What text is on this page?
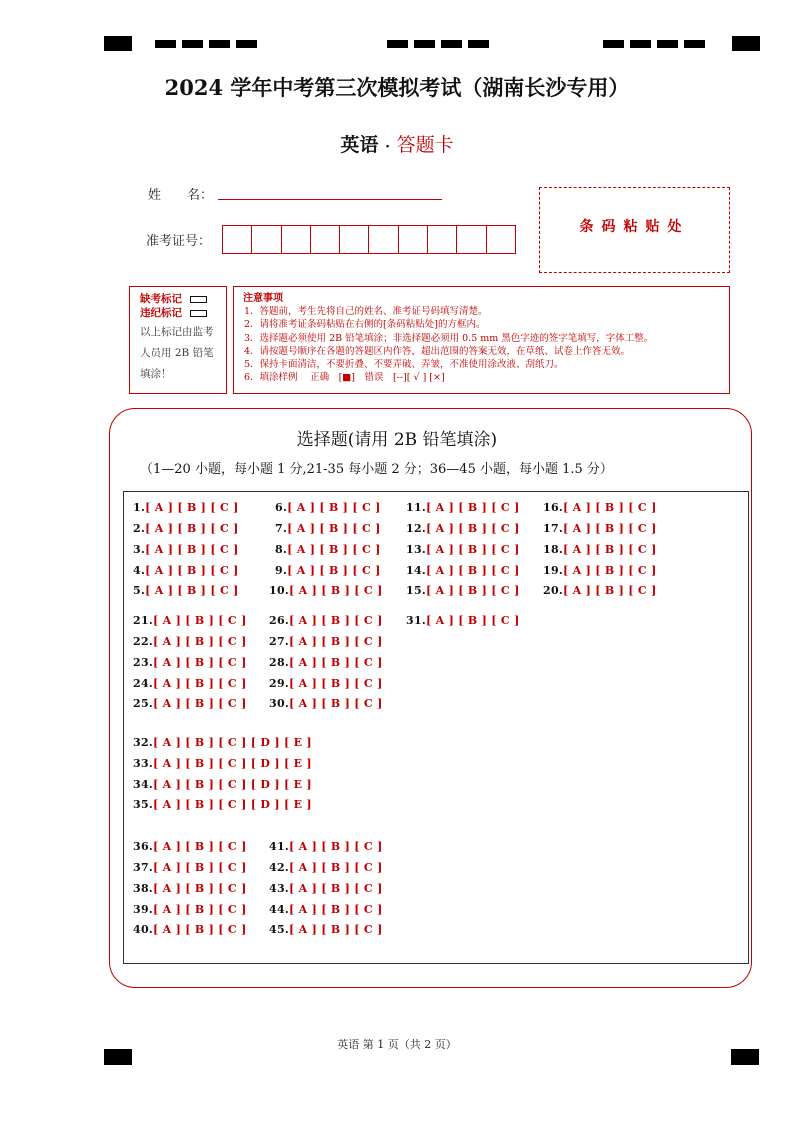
2024 学年中考第三次模拟考试（湖南长沙专用）
英语 · 答题卡
姓　　名：
准考证号：
条码粘贴处
缺考标记
违纪标记
以上标记由监考
人员用 2B 铅笔
填涂！
注意事项
1．答题前，考生先将自己的姓名、准考证号码填写清楚。
2．请将准考证条码粘贴在右侧的[条码粘贴处]的方框内。
3．选择题必须使用 2B 铅笔填涂；非选择题必须用 0.5 mm 黑色字迹的签字笔填写，字体工整。
4．请按题号顺序在各题的答题区内作答，超出范围的答案无效，在草纸、试卷上作答无效。
5．保持卡面清洁，不要折叠、不要弄破、弄皱，不准使用涂改液、刮纸刀。
6．填涂样例　 正确　[■]　错误　[--][ √ ] [×]
选择题(请用 2B 铅笔填涂)
（1—20 小题，每小题 1 分,21-35 每小题 2 分；36—45 小题，每小题 1.5 分）
1.[ A ] [ B ] [ C ]
2.[ A ] [ B ] [ C ]
3.[ A ] [ B ] [ C ]
4.[ A ] [ B ] [ C ]
5.[ A ] [ B ] [ C ]
6.[ A ] [ B ] [ C ]
7.[ A ] [ B ] [ C ]
8.[ A ] [ B ] [ C ]
9.[ A ] [ B ] [ C ]
10.[ A ] [ B ] [ C ]
11.[ A ] [ B ] [ C ]
12.[ A ] [ B ] [ C ]
13.[ A ] [ B ] [ C ]
14.[ A ] [ B ] [ C ]
15.[ A ] [ B ] [ C ]
16.[ A ] [ B ] [ C ]
17.[ A ] [ B ] [ C ]
18.[ A ] [ B ] [ C ]
19.[ A ] [ B ] [ C ]
20.[ A ] [ B ] [ C ]
21.[ A ] [ B ] [ C ]
22.[ A ] [ B ] [ C ]
23.[ A ] [ B ] [ C ]
24.[ A ] [ B ] [ C ]
25.[ A ] [ B ] [ C ]
26.[ A ] [ B ] [ C ]
27.[ A ] [ B ] [ C ]
28.[ A ] [ B ] [ C ]
29.[ A ] [ B ] [ C ]
30.[ A ] [ B ] [ C ]
31.[ A ] [ B ] [ C ]
32.[ A ] [ B ] [ C ] [ D ] [ E ]
33.[ A ] [ B ] [ C ] [ D ] [ E ]
34.[ A ] [ B ] [ C ] [ D ] [ E ]
35.[ A ] [ B ] [ C ] [ D ] [ E ]
36.[ A ] [ B ] [ C ]
37.[ A ] [ B ] [ C ]
38.[ A ] [ B ] [ C ]
39.[ A ] [ B ] [ C ]
40.[ A ] [ B ] [ C ]
41.[ A ] [ B ] [ C ]
42.[ A ] [ B ] [ C ]
43.[ A ] [ B ] [ C ]
44.[ A ] [ B ] [ C ]
45.[ A ] [ B ] [ C ]
英语 第 1 页（共 2 页）
